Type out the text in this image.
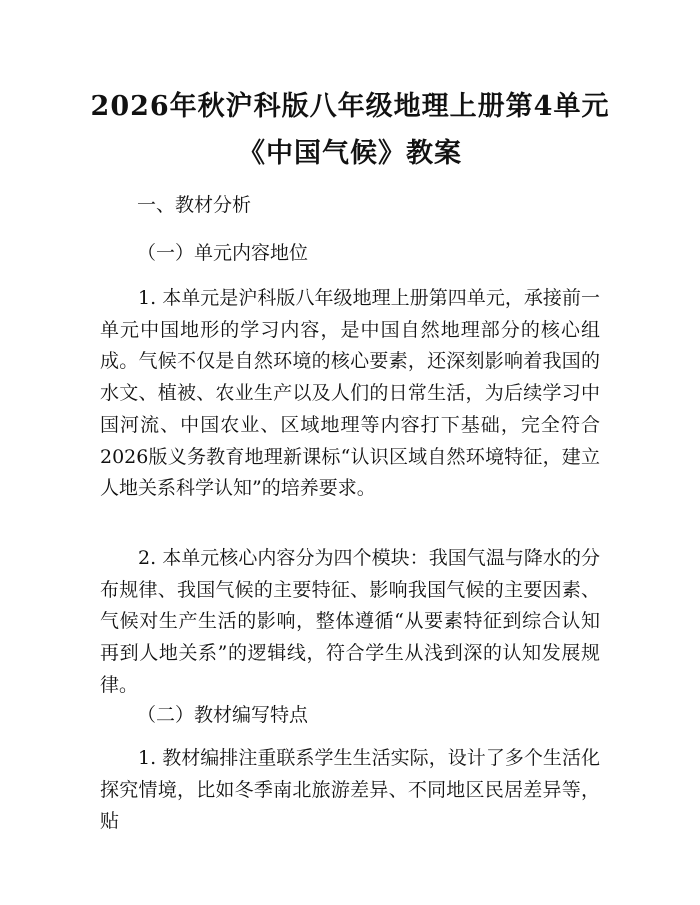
2026年秋沪科版八年级地理上册第4单元
《中国气候》教案
一、教材分析
（一）单元内容地位

1. 本单元是沪科版八年级地理上册第四单元，承接前一单元中国地形的学习内容，是中国自然地理部分的核心组成。气候不仅是自然环境的核心要素，还深刻影响着我国的水文、植被、农业生产以及人们的日常生活，为后续学习中国河流、中国农业、区域地理等内容打下基础，完全符合2026版义务教育地理新课标“认识区域自然环境特征，建立人地关系科学认知”的培养要求。

2. 本单元核心内容分为四个模块：我国气温与降水的分布规律、我国气候的主要特征、影响我国气候的主要因素、气候对生产生活的影响，整体遵循“从要素特征到综合认知再到人地关系”的逻辑线，符合学生从浅到深的认知发展规律。

（二）教材编写特点

1. 教材编排注重联系学生生活实际，设计了多个生活化探究情境，比如冬季南北旅游差异、不同地区民居差异等，贴
